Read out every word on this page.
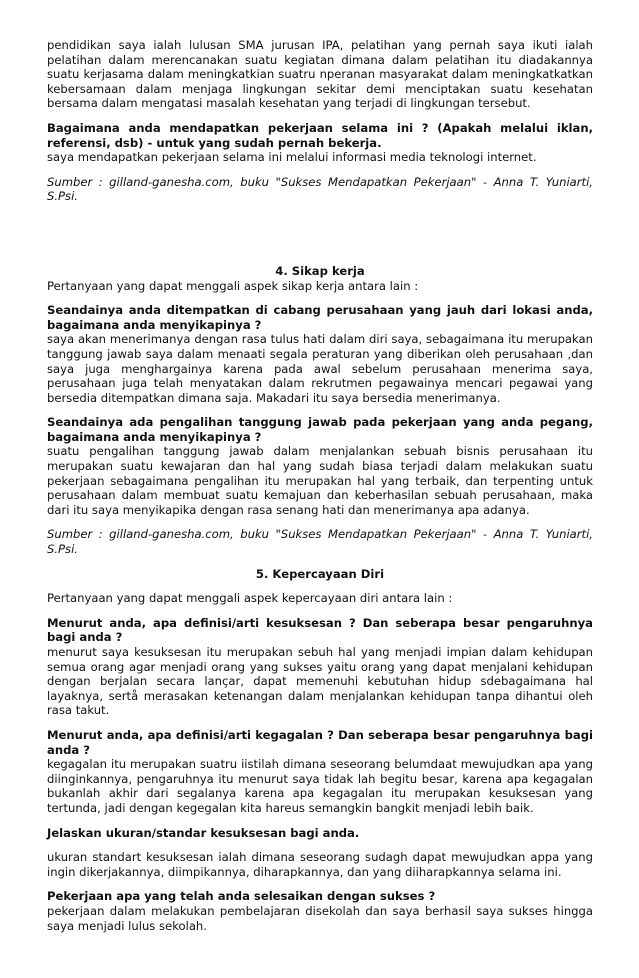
pendidikan saya ialah lulusan SMA jurusan IPA, pelatihan yang pernah saya ikuti ialah pelatihan dalam merencanakan suatu kegiatan dimana dalam pelatihan itu diadakannya suatu kerjasama dalam meningkatkian suatru nperanan masyarakat dalam meningkatkatkan kebersamaan dalam menjaga lingkungan sekitar demi menciptakan suatu kesehatan bersama dalam mengatasi masalah kesehatan yang terjadi di lingkungan tersebut.

Bagaimana anda mendapatkan pekerjaan selama ini ? (Apakah melalui iklan, referensi, dsb) - untuk yang sudah pernah bekerja.

saya mendapatkan pekerjaan selama ini melalui informasi media teknologi internet.

Sumber : gilland-ganesha.com, buku "Sukses Mendapatkan Pekerjaan" - Anna T. Yuniarti, S.Psi.

4. Sikap kerja

Pertanyaan yang dapat menggali aspek sikap kerja antara lain :

Seandainya anda ditempatkan di cabang perusahaan yang jauh dari lokasi anda, bagaimana anda menyikapinya ?

saya akan menerimanya dengan rasa tulus hati dalam diri saya, sebagaimana itu merupakan tanggung jawab saya dalam menaati segala peraturan yang diberikan oleh perusahaan ,dan saya juga menghargainya karena pada awal sebelum perusahaan menerima saya, perusahaan juga telah menyatakan dalam rekrutmen pegawainya mencari pegawai yang bersedia ditempatkan dimana saja. Makadari itu saya bersedia menerimanya.

Seandainya ada pengalihan tanggung jawab pada pekerjaan yang anda pegang, bagaimana anda menyikapinya ?

suatu pengalihan tanggung jawab dalam menjalankan sebuah bisnis perusahaan itu merupakan suatu kewajaran dan hal yang sudah biasa terjadi dalam melakukan suatu pekerjaan sebagaimana pengalihan itu merupakan hal yang terbaik, dan terpenting untuk perusahaan dalam membuat suatu kemajuan dan keberhasilan sebuah perusahaan, maka dari itu saya menyikapika dengan rasa senang hati dan menerimanya apa adanya.

Sumber : gilland-ganesha.com, buku "Sukses Mendapatkan Pekerjaan" - Anna T. Yuniarti, S.Psi.

5. Kepercayaan Diri

Pertanyaan yang dapat menggali aspek kepercayaan diri antara lain :

Menurut anda, apa definisi/arti kesuksesan ? Dan seberapa besar pengaruhnya bagi anda ?

menurut saya kesuksesan itu merupakan sebuh hal yang menjadi impian dalam kehidupan semua orang agar menjadi orang yang sukses yaitu orang yang dapat menjalani kehidupan dengan berjalan secara lançar, dapat memenuhi kebutuhan hidup sdebagaimana hal layaknya, sertå merasakan ketenangan dalam menjalankan kehidupan tanpa dihantui oleh rasa takut.

Menurut anda, apa definisi/arti kegagalan ? Dan seberapa besar pengaruhnya bagi anda ?

kegagalan itu merupakan suatru iistilah dimana seseorang belumdaat mewujudkan apa yang diinginkannya, pengaruhnya itu menurut saya tidak lah begitu besar, karena apa kegagalan bukanlah akhir dari segalanya karena apa kegagalan itu merupakan kesuksesan yang tertunda, jadi dengan kegegalan kita hareus semangkin bangkit menjadi lebih baik.

Jelaskan ukuran/standar kesuksesan bagi anda.

ukuran standart kesuksesan ialah dimana seseorang sudagh dapat mewujudkan appa yang ingin dikerjakannya, diimpikannya, diharapkannya, dan yang diiharapkannya selama ini.

Pekerjaan apa yang telah anda selesaikan dengan sukses ?

pekerjaan dalam melakukan pembelajaran disekolah dan saya berhasil saya sukses hingga saya menjadi lulus sekolah.
